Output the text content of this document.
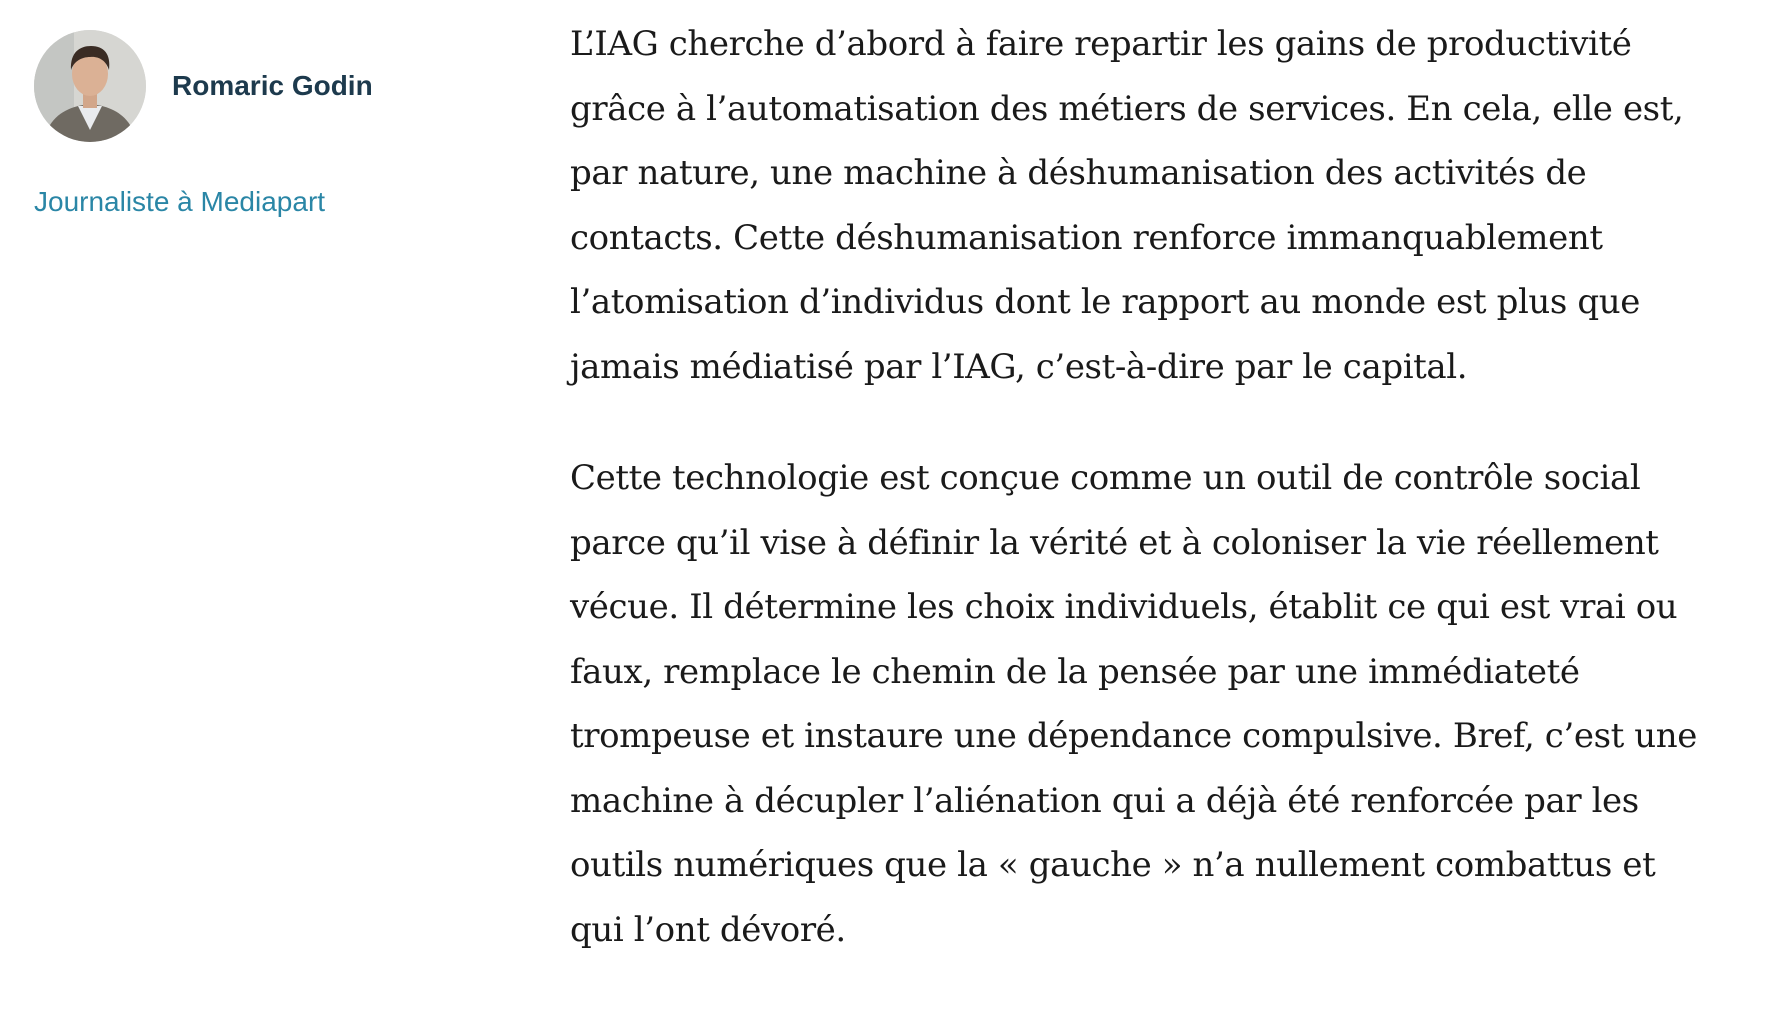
Romaric Godin
Journaliste à Mediapart

L’IAG cherche d’abord à faire repartir les gains de productivité
grâce à l’automatisation des métiers de services. En cela, elle est,
par nature, une machine à déshumanisation des activités de
contacts. Cette déshumanisation renforce immanquablement
l’atomisation d’individus dont le rapport au monde est plus que
jamais médiatisé par l’IAG, c’est-à-dire par le capital.

Cette technologie est conçue comme un outil de contrôle social
parce qu’il vise à définir la vérité et à coloniser la vie réellement
vécue. Il détermine les choix individuels, établit ce qui est vrai ou
faux, remplace le chemin de la pensée par une immédiateté
trompeuse et instaure une dépendance compulsive. Bref, c’est une
machine à décupler l’aliénation qui a déjà été renforcée par les
outils numériques que la « gauche » n’a nullement combattus et
qui l’ont dévoré.
